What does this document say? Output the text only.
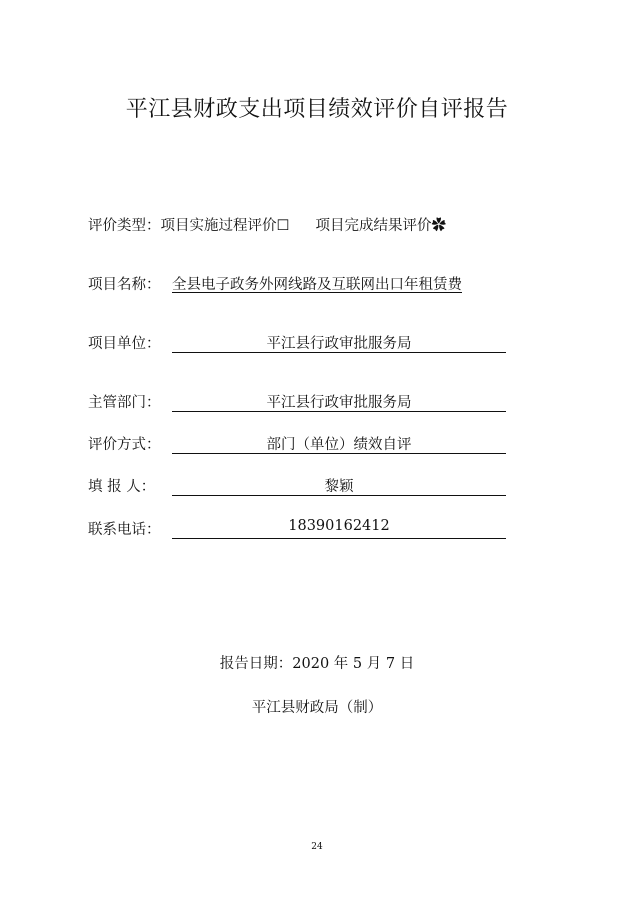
平江县财政支出项目绩效评价自评报告
评价类型：项目实施过程评价☐ 项目完成结果评价✿
项目名称： 全县电子政务外网线路及互联网出口年租赁费
项目单位：	平江县行政审批服务局
主管部门：	平江县行政审批服务局
评价方式：	部门（单位）绩效自评
填 报 人：	黎颖
联系电话：	18390162412
报告日期：2020 年 5 月 7 日
平江县财政局（制）
24
